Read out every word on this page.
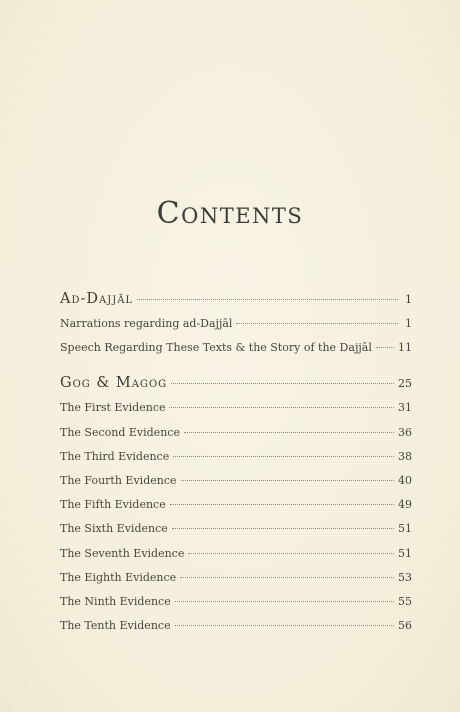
Contents
Ad-Dajjāl	1
Narrations regarding ad-Dajjāl	1
Speech Regarding These Texts & the Story of the Dajjāl 11
Gog & Magog	25
The First Evidence	31
The Second Evidence	36
The Third Evidence	38
The Fourth Evidence	40
The Fifth Evidence	49
The Sixth Evidence	51
The Seventh Evidence	51
The Eighth Evidence	53
The Ninth Evidence	55
The Tenth Evidence	56
